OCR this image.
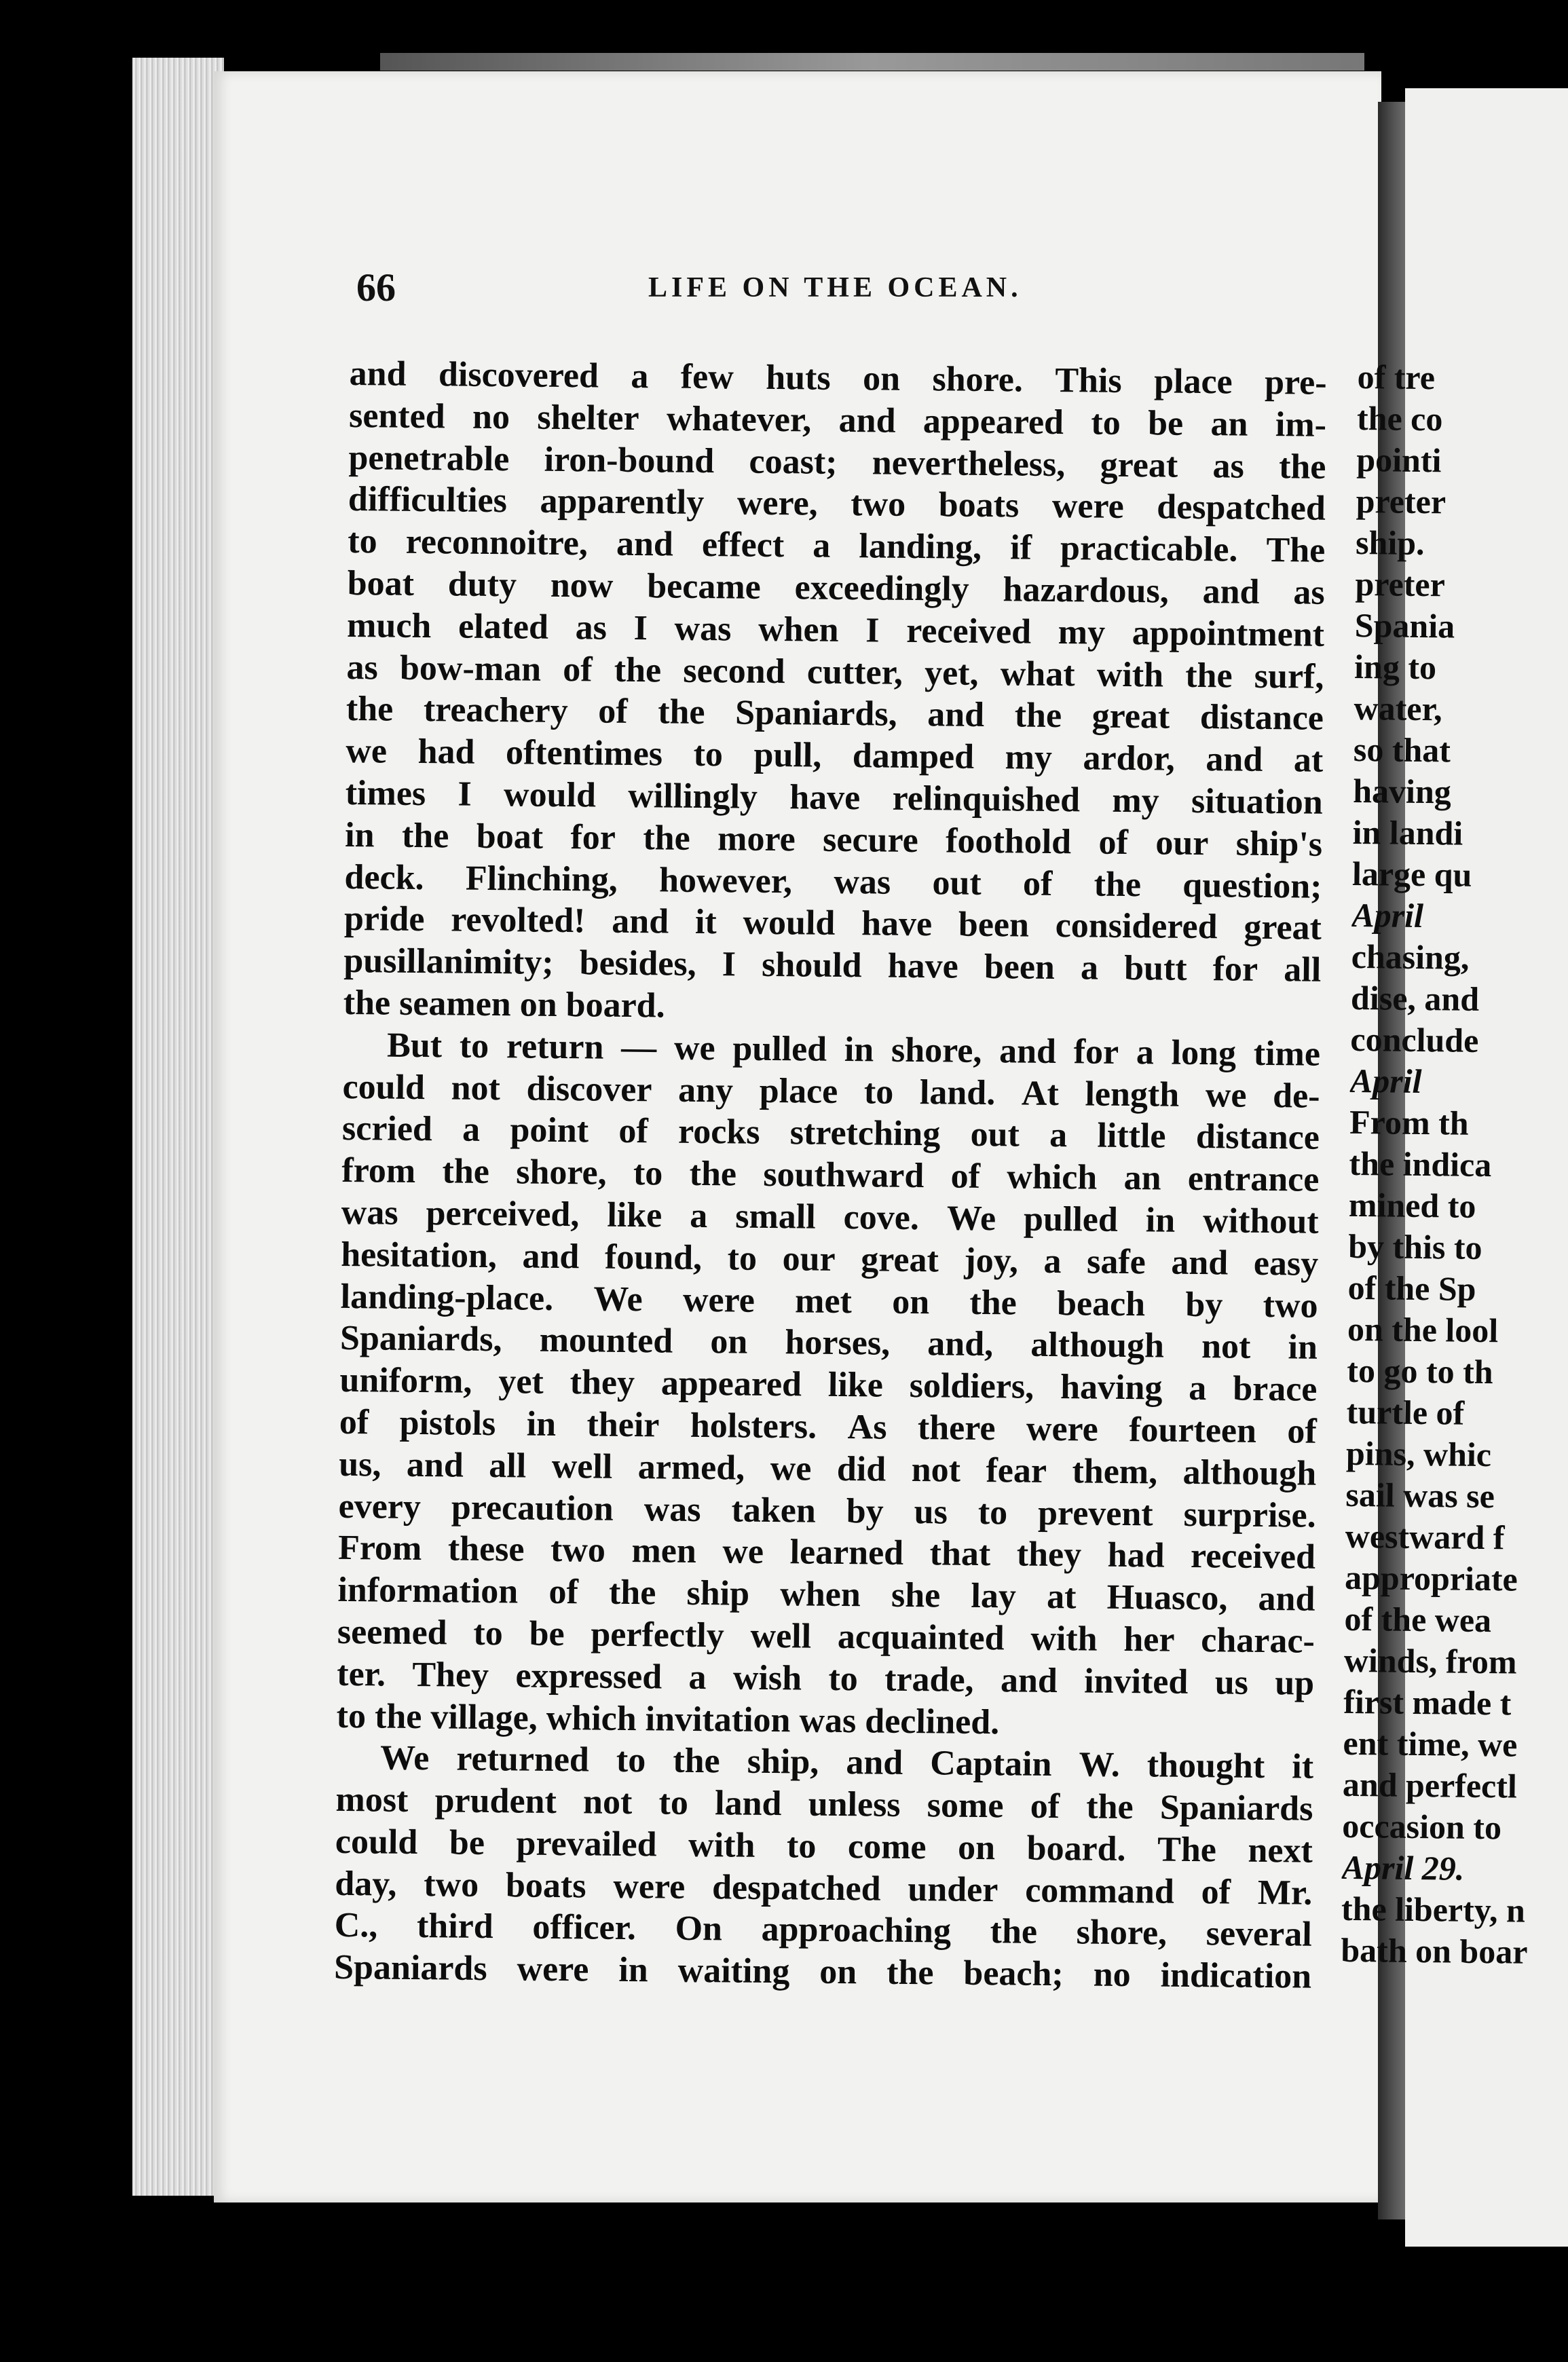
66	LIFE ON THE OCEAN.
and discovered a few huts on shore. This place pre-
sented no shelter whatever, and appeared to be an im-
penetrable iron-bound coast; nevertheless, great as the
difficulties apparently were, two boats were despatched
to reconnoitre, and effect a landing, if practicable. The
boat duty now became exceedingly hazardous, and as
much elated as I was when I received my appointment
as bow-man of the second cutter, yet, what with the surf,
the treachery of the Spaniards, and the great distance
we had oftentimes to pull, damped my ardor, and at
times I would willingly have relinquished my situation
in the boat for the more secure foothold of our ship's
deck. Flinching, however, was out of the question;
pride revolted! and it would have been considered great
pusillanimity; besides, I should have been a butt for all
the seamen on board.
But to return — we pulled in shore, and for a long time
could not discover any place to land. At length we de-
scried a point of rocks stretching out a little distance
from the shore, to the southward of which an entrance
was perceived, like a small cove. We pulled in without
hesitation, and found, to our great joy, a safe and easy
landing-place. We were met on the beach by two
Spaniards, mounted on horses, and, although not in
uniform, yet they appeared like soldiers, having a brace
of pistols in their holsters. As there were fourteen of
us, and all well armed, we did not fear them, although
every precaution was taken by us to prevent surprise.
From these two men we learned that they had received
information of the ship when she lay at Huasco, and
seemed to be perfectly well acquainted with her charac-
ter. They expressed a wish to trade, and invited us up
to the village, which invitation was declined.
We returned to the ship, and Captain W. thought it
most prudent not to land unless some of the Spaniards
could be prevailed with to come on board. The next
day, two boats were despatched under command of Mr.
C., third officer. On approaching the shore, several
Spaniards were in waiting on the beach; no indication
of tre
the co
pointi
preter
ship.
preter
Spania
ing to
water,
so that
having
in landi
large qu
April
chasing,
dise, and
conclude
April
From th
the indica
mined to
by this to
of the Sp
on the lool
to go to th
turtle of
pins, whic
sail was se
westward f
appropriate
of the wea
winds, from
first made t
ent time, we
and perfectl
occasion to
April 29.
the liberty, n
bath on boar
